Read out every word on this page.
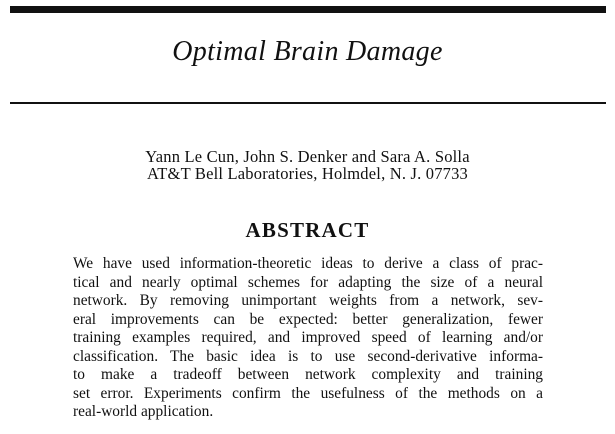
Optimal Brain Damage
Yann Le Cun, John S. Denker and Sara A. Solla
AT&T Bell Laboratories, Holmdel, N. J. 07733
ABSTRACT
We have used information-theoretic ideas to derive a class of prac-
tical and nearly optimal schemes for adapting the size of a neural
network. By removing unimportant weights from a network, sev-
eral improvements can be expected: better generalization, fewer
training examples required, and improved speed of learning and/or
classification. The basic idea is to use second-derivative informa-
to make a tradeoff between network complexity and training
set error. Experiments confirm the usefulness of the methods on a
real-world application.
